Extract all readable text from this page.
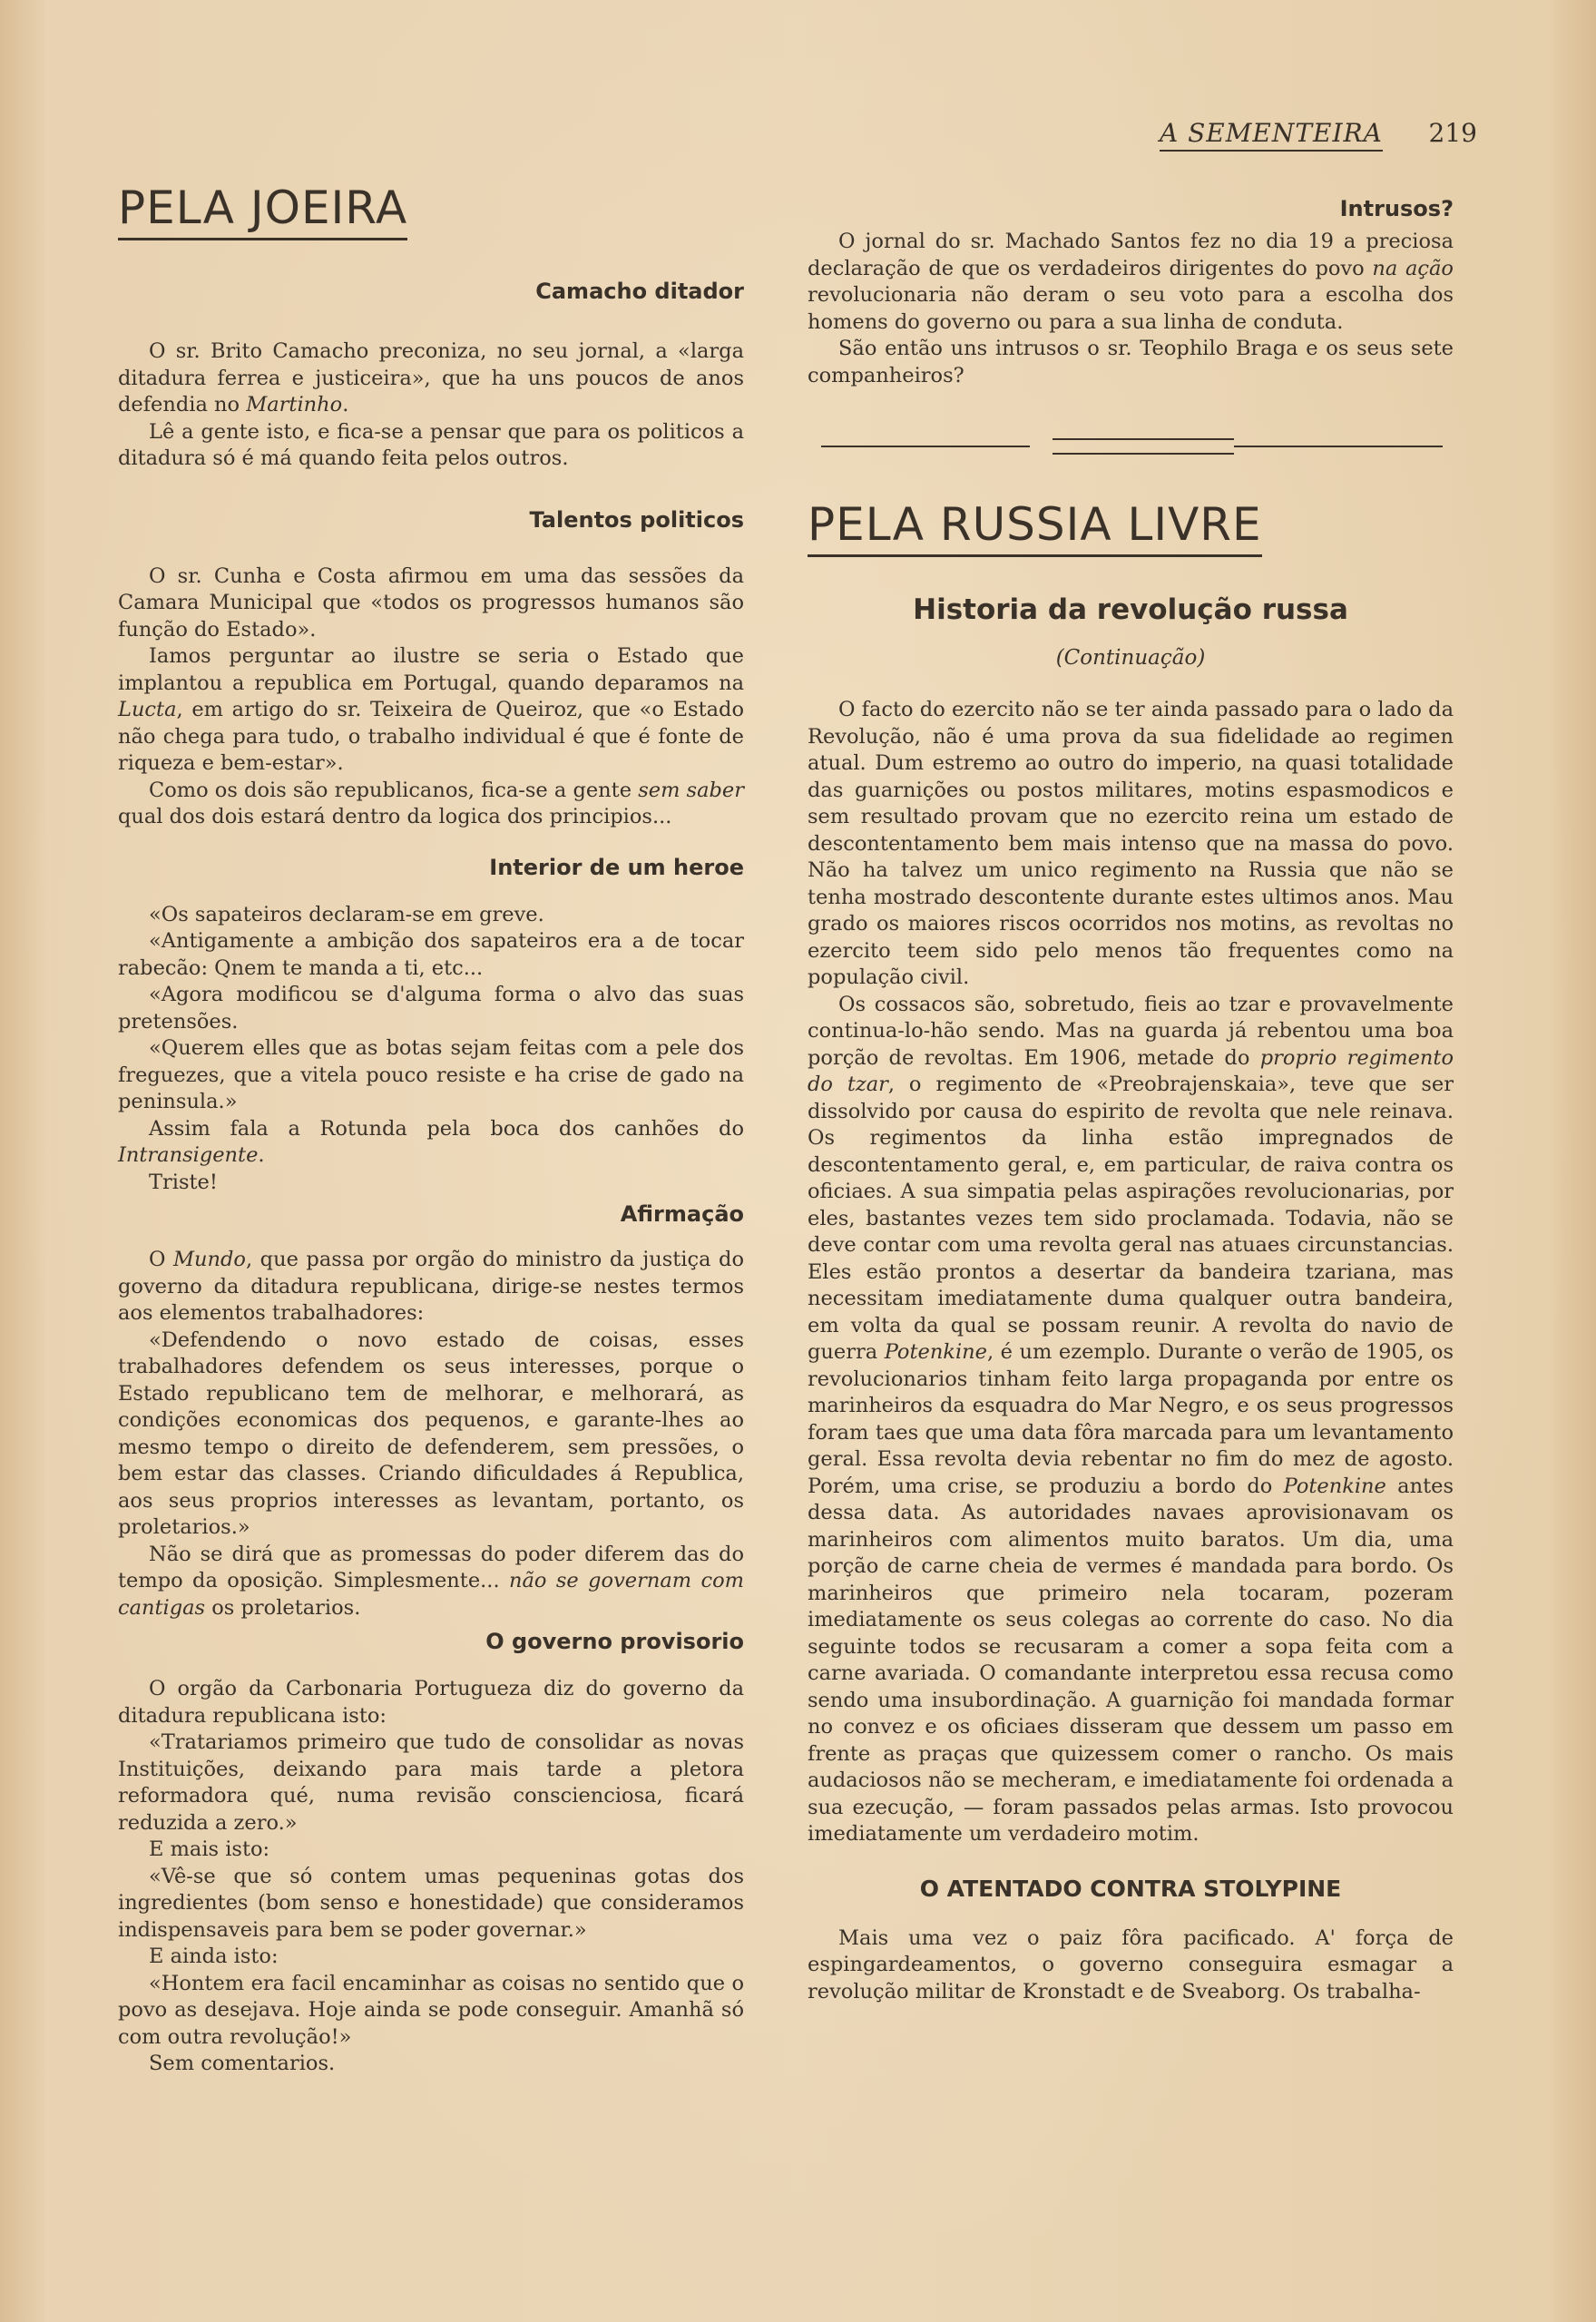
A SEMENTEIRA 219
PELA JOEIRA
Camacho ditador

O sr. Brito Camacho preconiza, no seu jornal, a «larga ditadura ferrea e justiceira», que ha uns poucos de anos defendia no Martinho.

Lê a gente isto, e fica-se a pensar que para os politicos a ditadura só é má quando feita pelos outros.

Talentos politicos

O sr. Cunha e Costa afirmou em uma das sessões da Camara Municipal que «todos os progressos humanos são função do Estado».

Iamos perguntar ao ilustre se seria o Estado que implantou a republica em Portugal, quando deparamos na Lucta, em artigo do sr. Teixeira de Queiroz, que «o Estado não chega para tudo, o trabalho individual é que é fonte de riqueza e bem-estar».

Como os dois são republicanos, fica-se a gente sem saber qual dos dois estará dentro da logica dos principios...

Interior de um heroe

«Os sapateiros declaram-se em greve.

«Antigamente a ambição dos sapateiros era a de tocar rabecão: Qnem te manda a ti, etc...

«Agora modificou se d'alguma forma o alvo das suas pretensões.

«Querem elles que as botas sejam feitas com a pele dos freguezes, que a vitela pouco resiste e ha crise de gado na peninsula.»

Assim fala a Rotunda pela boca dos canhões do Intransigente.

Triste!

Afirmação

O Mundo, que passa por orgão do ministro da justiça do governo da ditadura republicana, dirige-se nestes termos aos elementos trabalhadores:

«Defendendo o novo estado de coisas, esses trabalhadores defendem os seus interesses, porque o Estado republicano tem de melhorar, e melhorará, as condições economicas dos pequenos, e garante-lhes ao mesmo tempo o direito de defenderem, sem pressões, o bem estar das classes. Criando dificuldades á Republica, aos seus proprios interesses as levantam, portanto, os proletarios.»

Não se dirá que as promessas do poder diferem das do tempo da oposição. Simplesmente... não se governam com cantigas os proletarios.

O governo provisorio

O orgão da Carbonaria Portugueza diz do governo da ditadura republicana isto:

«Tratariamos primeiro que tudo de consolidar as novas Instituições, deixando para mais tarde a pletora reformadora qué, numa revisão conscienciosa, ficará reduzida a zero.»

E mais isto:

«Vê-se que só contem umas pequeninas gotas dos ingredientes (bom senso e honestidade) que consideramos indispensaveis para bem se poder governar.»

E ainda isto:

«Hontem era facil encaminhar as coisas no sentido que o povo as desejava. Hoje ainda se pode conseguir. Amanhã só com outra revolução!»

Sem comentarios.

Intrusos?

O jornal do sr. Machado Santos fez no dia 19 a preciosa declaração de que os verdadeiros dirigentes do povo na ação revolucionaria não deram o seu voto para a escolha dos homens do governo ou para a sua linha de conduta.

São então uns intrusos o sr. Teophilo Braga e os seus sete companheiros?

PELA RUSSIA LIVRE
Historia da revolução russa
(Continuação)

O facto do ezercito não se ter ainda passado para o lado da Revolução, não é uma prova da sua fidelidade ao regimen atual. Dum estremo ao outro do imperio, na quasi totalidade das guarnições ou postos militares, motins espasmodicos e sem resultado provam que no ezercito reina um estado de descontentamento bem mais intenso que na massa do povo. Não ha talvez um unico regimento na Russia que não se tenha mostrado descontente durante estes ultimos anos. Mau grado os maiores riscos ocorridos nos motins, as revoltas no ezercito teem sido pelo menos tão frequentes como na população civil.

Os cossacos são, sobretudo, fieis ao tzar e provavelmente continua-lo-hão sendo. Mas na guarda já rebentou uma boa porção de revoltas. Em 1906, metade do proprio regimento do tzar, o regimento de «Preobrajenskaia», teve que ser dissolvido por causa do espirito de revolta que nele reinava. Os regimentos da linha estão impregnados de descontentamento geral, e, em particular, de raiva contra os oficiaes. A sua simpatia pelas aspirações revolucionarias, por eles, bastantes vezes tem sido proclamada. Todavia, não se deve contar com uma revolta geral nas atuaes circunstancias. Eles estão prontos a desertar da bandeira tzariana, mas necessitam imediatamente duma qualquer outra bandeira, em volta da qual se possam reunir. A revolta do navio de guerra Potenkine, é um ezemplo. Durante o verão de 1905, os revolucionarios tinham feito larga propaganda por entre os marinheiros da esquadra do Mar Negro, e os seus progressos foram taes que uma data fôra marcada para um levantamento geral. Essa revolta devia rebentar no fim do mez de agosto. Porém, uma crise, se produziu a bordo do Potenkine antes dessa data. As autoridades navaes aprovisionavam os marinheiros com alimentos muito baratos. Um dia, uma porção de carne cheia de vermes é mandada para bordo. Os marinheiros que primeiro nela tocaram, pozeram imediatamente os seus colegas ao corrente do caso. No dia seguinte todos se recusaram a comer a sopa feita com a carne avariada. O comandante interpretou essa recusa como sendo uma insubordinação. A guarnição foi mandada formar no convez e os oficiaes disseram que dessem um passo em frente as praças que quizessem comer o rancho. Os mais audaciosos não se mecheram, e imediatamente foi ordenada a sua ezecução, — foram passados pelas armas. Isto provocou imediatamente um verdadeiro motim.

O ATENTADO CONTRA STOLYPINE

Mais uma vez o paiz fôra pacificado. A' força de espingardeamentos, o governo conseguira esmagar a revolução militar de Kronstadt e de Sveaborg. Os trabalha-
